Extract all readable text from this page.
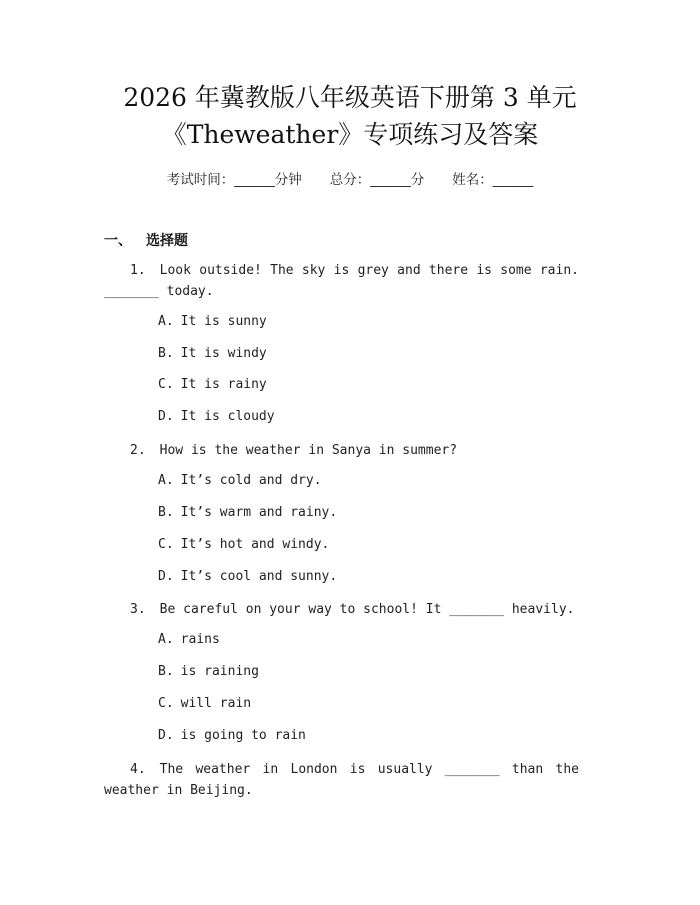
2026 年冀教版八年级英语下册第 3 单元
《Theweather》专项练习及答案
考试时间：______分钟 总分：______分 姓名：______
一、 选择题
1. Look outside! The sky is grey and there is some rain. _______ today.
A. It is sunny
B. It is windy
C. It is rainy
D. It is cloudy
2. How is the weather in Sanya in summer?
A. It’s cold and dry.
B. It’s warm and rainy.
C. It’s hot and windy.
D. It’s cool and sunny.
3. Be careful on your way to school! It _______ heavily.
A. rains
B. is raining
C. will rain
D. is going to rain
4. The weather in London is usually _______ than the weather in Beijing.
